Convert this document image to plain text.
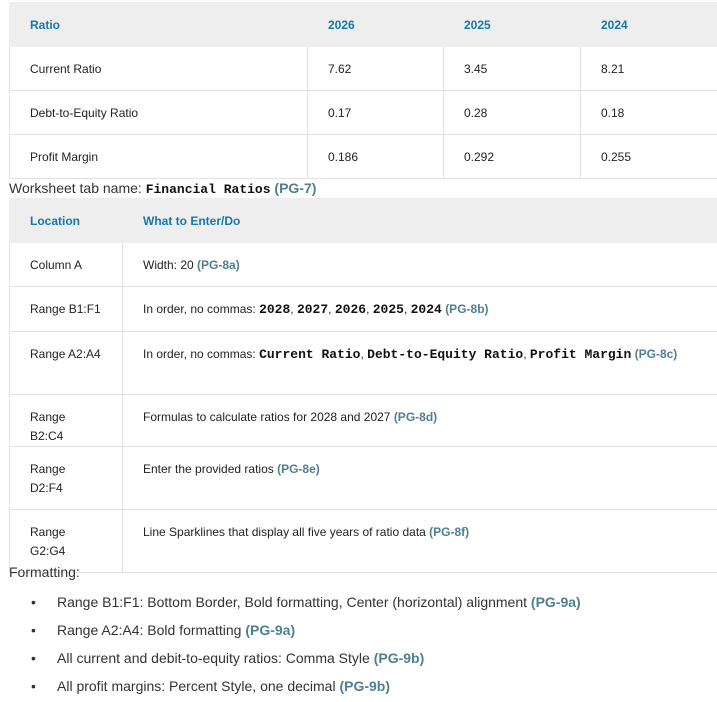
Ratio	2026	2025	2024
Current Ratio	7.62	3.45	8.21
Debt-to-Equity Ratio	0.17	0.28	0.18
Profit Margin	0.186	0.292	0.255
Worksheet tab name: Financial Ratios (PG-7)
Location	What to Enter/Do
Column A	Width: 20 (PG-8a)
Range B1:F1	In order, no commas: 2028, 2027, 2026, 2025, 2024 (PG-8b)
Range A2:A4	In order, no commas: Current Ratio, Debt-to-Equity Ratio, Profit Margin (PG-8c)
Range B2:C4	Formulas to calculate ratios for 2028 and 2027 (PG-8d)
Range D2:F4	Enter the provided ratios (PG-8e)
Range G2:G4	Line Sparklines that display all five years of ratio data (PG-8f)
Formatting:
• Range B1:F1: Bottom Border, Bold formatting, Center (horizontal) alignment (PG-9a)
• Range A2:A4: Bold formatting (PG-9a)
• All current and debit-to-equity ratios: Comma Style (PG-9b)
• All profit margins: Percent Style, one decimal (PG-9b)
